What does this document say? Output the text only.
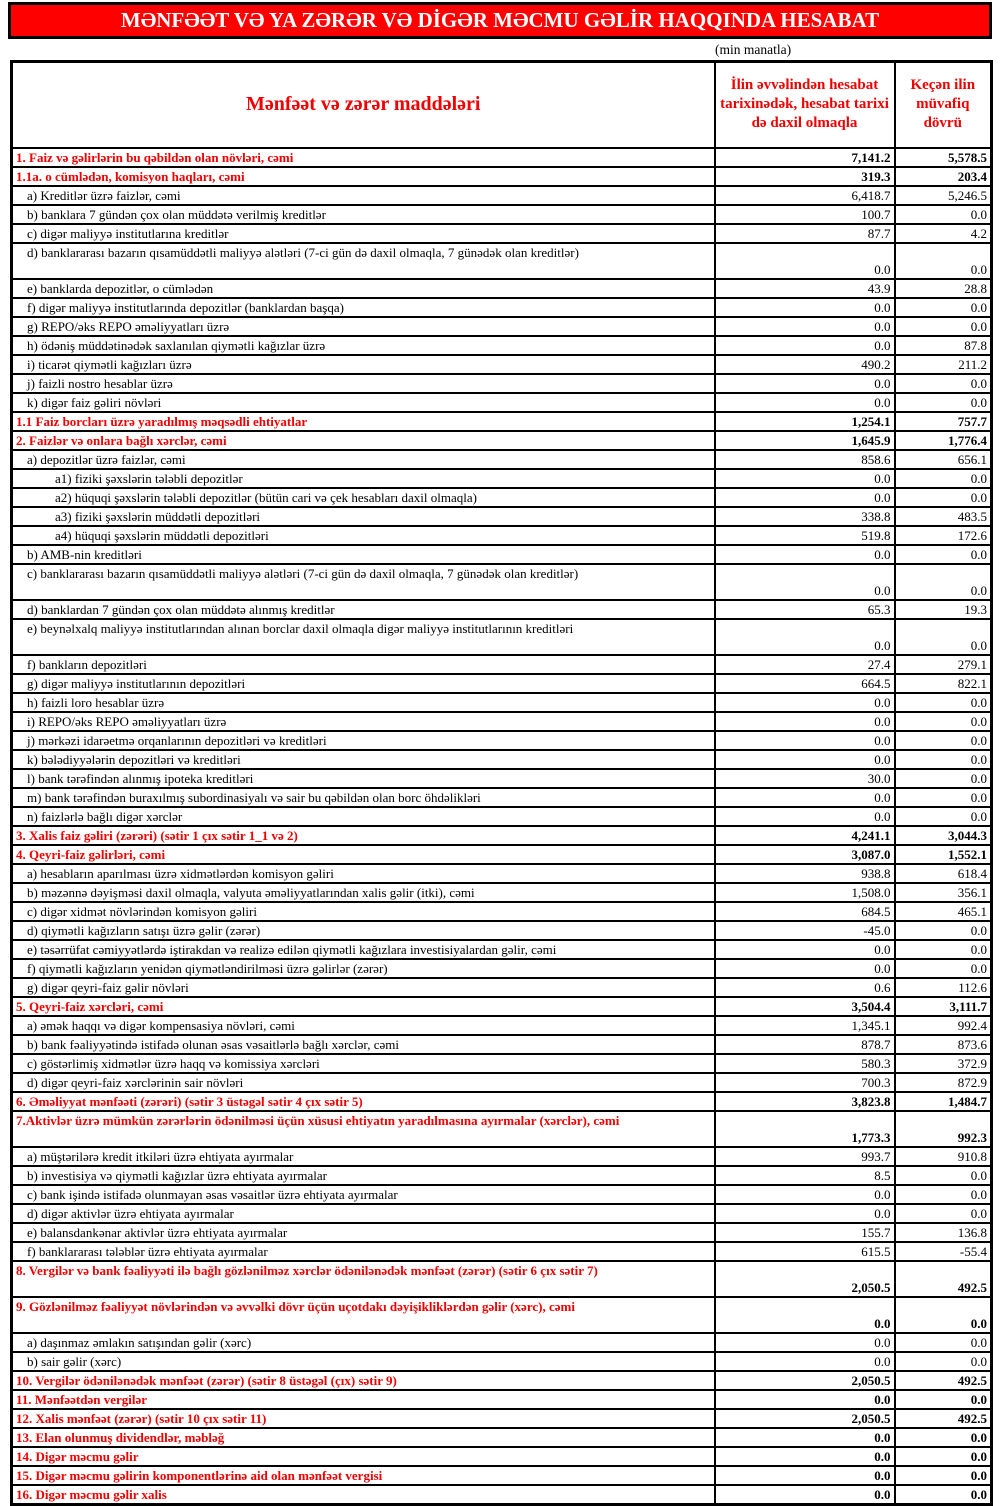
MƏNFƏƏT VƏ YA ZƏRƏR VƏ DİGƏR MƏCMU GƏLİR HAQQINDA HESABAT
(min manatla)
Mənfəət və zərər maddələri	İlin əvvəlindən hesabat tarixinədək, hesabat tarixi də daxil olmaqla	Keçən ilin müvafiq dövrü
1. Faiz və gəlirlərin bu qəbildən olan növləri, cəmi	7,141.2	5,578.5
1.1a. o cümlədən, komisyon haqları, cəmi	319.3	203.4
a) Kreditlər üzrə faizlər, cəmi	6,418.7	5,246.5
b) banklara 7 gündən çox olan müddətə verilmiş kreditlər	100.7	0.0
c) digər maliyyə institutlarına kreditlər	87.7	4.2
d) banklararası bazarın qısamüddətli maliyyə alətləri (7-ci gün də daxil olmaqla, 7 günədək olan kreditlər)	0.0	0.0
e) banklarda depozitlər, o cümlədən	43.9	28.8
f) digər maliyyə institutlarında depozitlər (banklardan başqa)	0.0	0.0
g) REPO/əks REPO əməliyyatları üzrə	0.0	0.0
h) ödəniş müddətinədək saxlanılan qiymətli kağızlar üzrə	0.0	87.8
i) ticarət qiymətli kağızları üzrə	490.2	211.2
j) faizli nostro hesablar üzrə	0.0	0.0
k) digər faiz gəliri növləri	0.0	0.0
1.1 Faiz borcları üzrə yaradılmış məqsədli ehtiyatlar	1,254.1	757.7
2. Faizlər və onlara bağlı xərclər, cəmi	1,645.9	1,776.4
a) depozitlər üzrə faizlər, cəmi	858.6	656.1
a1) fiziki şəxslərin tələbli depozitlər	0.0	0.0
a2) hüquqi şəxslərin tələbli depozitlər (bütün cari və çek hesabları daxil olmaqla)	0.0	0.0
a3) fiziki şəxslərin müddətli depozitləri	338.8	483.5
a4) hüquqi şəxslərin müddətli depozitləri	519.8	172.6
b) AMB-nin kreditləri	0.0	0.0
c) banklararası bazarın qısamüddətli maliyyə alətləri (7-ci gün də daxil olmaqla, 7 günədək olan kreditlər)	0.0	0.0
d) banklardan 7 gündən çox olan müddətə alınmış kreditlər	65.3	19.3
e) beynəlxalq maliyyə institutlarından alınan borclar daxil olmaqla digər maliyyə institutlarının kreditləri	0.0	0.0
f) bankların depozitləri	27.4	279.1
g) digər maliyyə institutlarının depozitləri	664.5	822.1
h) faizli loro hesablar üzrə	0.0	0.0
i) REPO/əks REPO əməliyyatları üzrə	0.0	0.0
j) mərkəzi idarəetmə orqanlarının depozitləri və kreditləri	0.0	0.0
k) bələdiyyələrin depozitləri və kreditləri	0.0	0.0
l) bank tərəfindən alınmış ipoteka kreditləri	30.0	0.0
m) bank tərəfindən buraxılmış subordinasiyalı və sair bu qəbildən olan borc öhdəlikləri	0.0	0.0
n) faizlərlə bağlı digər xərclər	0.0	0.0
3. Xalis faiz gəliri (zərəri) (sətir 1 çıx sətir 1_1 və 2)	4,241.1	3,044.3
4. Qeyri-faiz gəlirləri, cəmi	3,087.0	1,552.1
a) hesabların aparılması üzrə xidmətlərdən komisyon gəliri	938.8	618.4
b) məzənnə dəyişməsi daxil olmaqla, valyuta əməliyyatlarından xalis gəlir (itki), cəmi	1,508.0	356.1
c) digər xidmət növlərindən komisyon gəliri	684.5	465.1
d) qiymətli kağızların satışı üzrə gəlir (zərər)	-45.0	0.0
e) təsərrüfat cəmiyyətlərdə iştirakdan və realizə edilən qiymətli kağızlara investisiyalardan gəlir, cəmi	0.0	0.0
f) qiymətli kağızların yenidən qiymətləndirilməsi üzrə gəlirlər (zərər)	0.0	0.0
g) digər qeyri-faiz gəlir növləri	0.6	112.6
5. Qeyri-faiz xərcləri, cəmi	3,504.4	3,111.7
a) əmək haqqı və digər kompensasiya növləri, cəmi	1,345.1	992.4
b) bank fəaliyyətində istifadə olunan əsas vəsaitlərlə bağlı xərclər, cəmi	878.7	873.6
c) göstərlimiş xidmətlər üzrə haqq və komissiya xərcləri	580.3	372.9
d) digər qeyri-faiz xərclərinin sair növləri	700.3	872.9
6. Əməliyyat mənfəəti (zərəri) (sətir 3 üstəgəl sətir 4 çıx sətir 5)	3,823.8	1,484.7
7.Aktivlər üzrə mümkün zərərlərin ödənilməsi üçün xüsusi ehtiyatın yaradılmasına ayırmalar (xərclər), cəmi	1,773.3	992.3
a) müştərilərə kredit itkiləri üzrə ehtiyata ayırmalar	993.7	910.8
b) investisiya və qiymətli kağızlar üzrə ehtiyata ayırmalar	8.5	0.0
c) bank işində istifadə olunmayan əsas vəsaitlər üzrə ehtiyata ayırmalar	0.0	0.0
d) digər aktivlər üzrə ehtiyata ayırmalar	0.0	0.0
e) balansdankənar aktivlər üzrə ehtiyata ayırmalar	155.7	136.8
f) banklararası tələblər üzrə ehtiyata ayırmalar	615.5	-55.4
8. Vergilər və bank fəaliyyəti ilə bağlı gözlənilməz xərclər ödənilənədək mənfəət (zərər) (sətir 6 çıx sətir 7)	2,050.5	492.5
9. Gözlənilməz fəaliyyət növlərindən və əvvəlki dövr üçün uçotdakı dəyişikliklərdən gəlir (xərc), cəmi	0.0	0.0
a) daşınmaz əmlakın satışından gəlir (xərc)	0.0	0.0
b) sair gəlir (xərc)	0.0	0.0
10. Vergilər ödənilənədək mənfəət (zərər) (sətir 8 üstəgəl (çıx) sətir 9)	2,050.5	492.5
11. Mənfəətdən vergilər	0.0	0.0
12. Xalis mənfəət (zərər) (sətir 10 çıx sətir 11)	2,050.5	492.5
13. Elan olunmuş dividendlər, məbləğ	0.0	0.0
14. Digər məcmu gəlir	0.0	0.0
15. Digər məcmu gəlirin komponentlərinə aid olan mənfəət vergisi	0.0	0.0
16. Digər məcmu gəlir xalis	0.0	0.0
